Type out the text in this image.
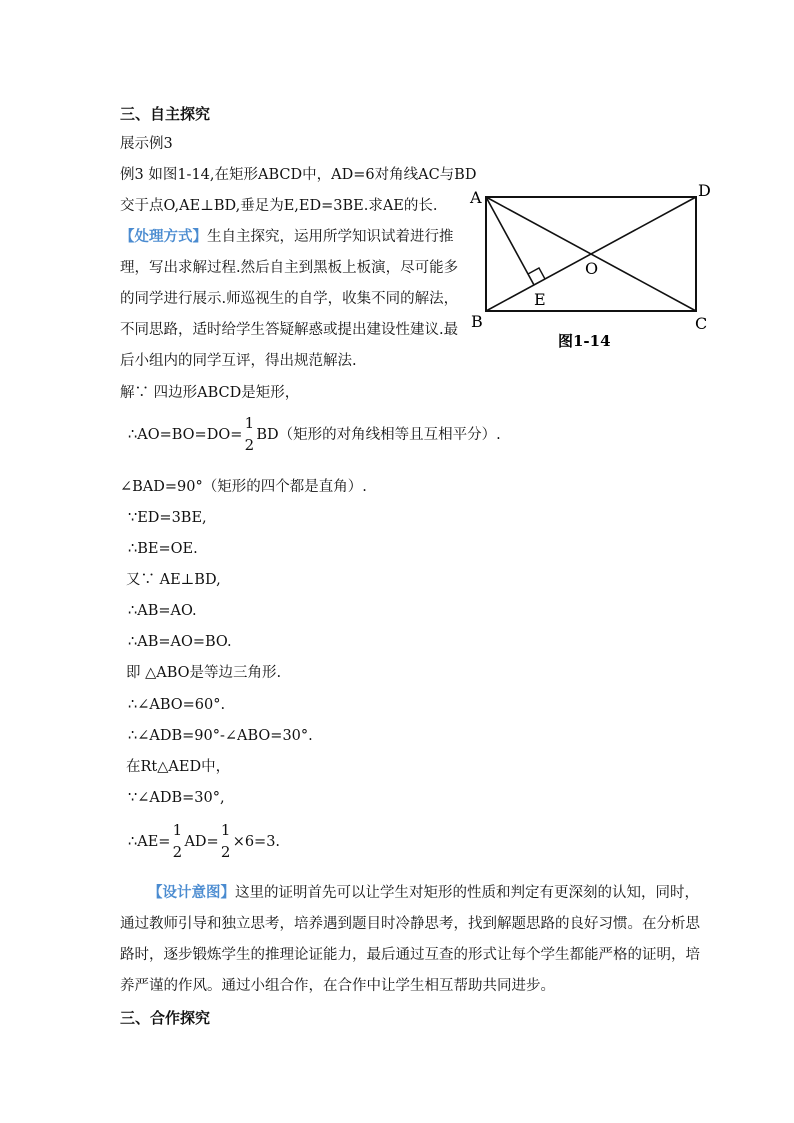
三、自主探究
展示例3
例3 如图1-14,在矩形ABCD中，AD=6对角线AC与BD
交于点O,AE⊥BD,垂足为E,ED=3BE.求AE的长.
【处理方式】生自主探究，运用所学知识试着进行推
理，写出求解过程.然后自主到黑板上板演，尽可能多
的同学进行展示.师巡视生的自学，收集不同的解法，
不同思路，适时给学生答疑解惑或提出建设性建议.最
后小组内的同学互评，得出规范解法.
A	D
B	C
O
E
图1-14
解∵ 四边形ABCD是矩形，
∴AO=BO=DO=
1
2
BD（矩形的对角线相等且互相平分）.
∠BAD=90°（矩形的四个都是直角）.
∵ED=3BE,
∴BE=OE.
又∵ AE⊥BD,
∴AB=AO.
∴AB=AO=BO.
即 △ABO是等边三角形.
∴∠ABO=60°.
∴∠ADB=90°-∠ABO=30°.
在Rt△AED中，
∵∠ADB=30°,
∴AE=
1
2
AD=
1
2
×6=3.
【设计意图】这里的证明首先可以让学生对矩形的性质和判定有更深刻的认知，同时，
通过教师引导和独立思考，培养遇到题目时冷静思考，找到解题思路的良好习惯。在分析思
路时，逐步锻炼学生的推理论证能力，最后通过互查的形式让每个学生都能严格的证明，培
养严谨的作风。通过小组合作，在合作中让学生相互帮助共同进步。
三、合作探究
